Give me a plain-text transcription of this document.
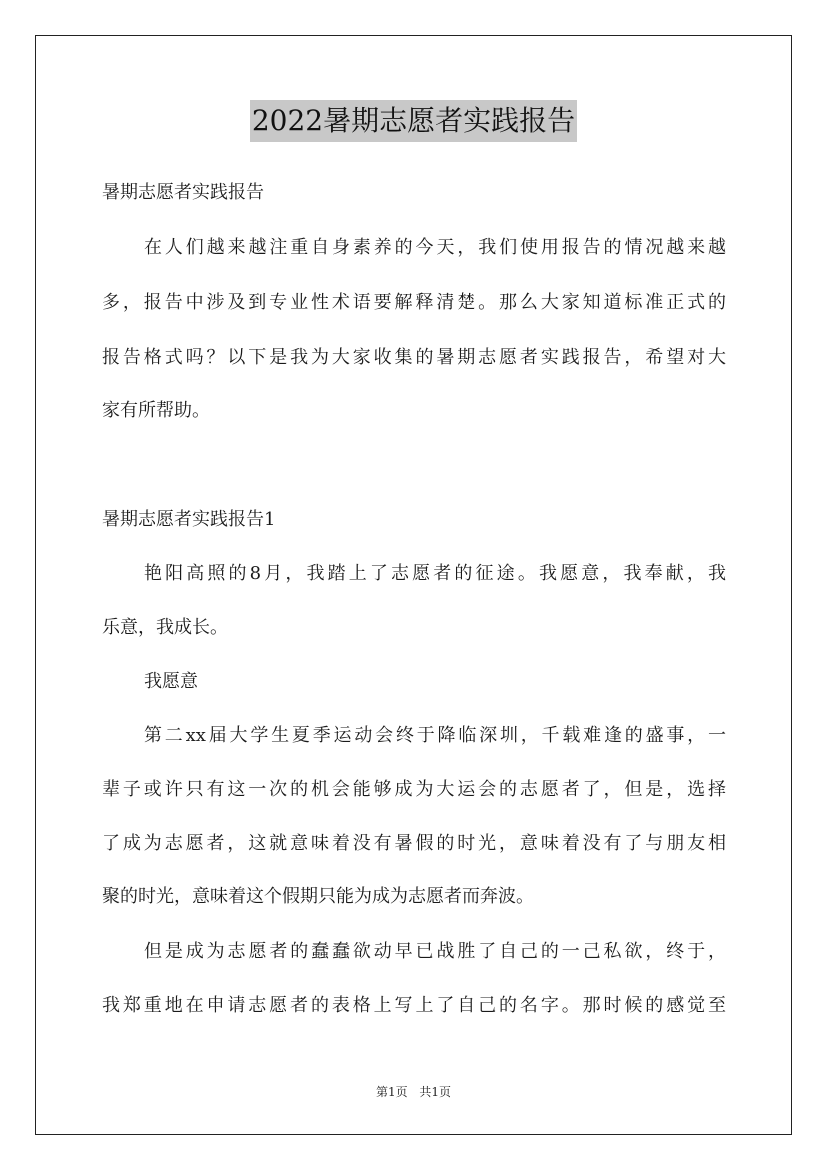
2022暑期志愿者实践报告
暑期志愿者实践报告
在人们越来越注重自身素养的今天，我们使用报告的情况越来越
多，报告中涉及到专业性术语要解释清楚。那么大家知道标准正式的
报告格式吗？以下是我为大家收集的暑期志愿者实践报告，希望对大
家有所帮助。
暑期志愿者实践报告1
艳阳高照的8月，我踏上了志愿者的征途。我愿意，我奉献，我
乐意，我成长。
我愿意
第二xx届大学生夏季运动会终于降临深圳，千载难逢的盛事，一
辈子或许只有这一次的机会能够成为大运会的志愿者了，但是，选择
了成为志愿者，这就意味着没有暑假的时光，意味着没有了与朋友相
聚的时光，意味着这个假期只能为成为志愿者而奔波。
但是成为志愿者的蠢蠢欲动早已战胜了自己的一己私欲，终于，
我郑重地在申请志愿者的表格上写上了自己的名字。那时候的感觉至
第1页 共1页
